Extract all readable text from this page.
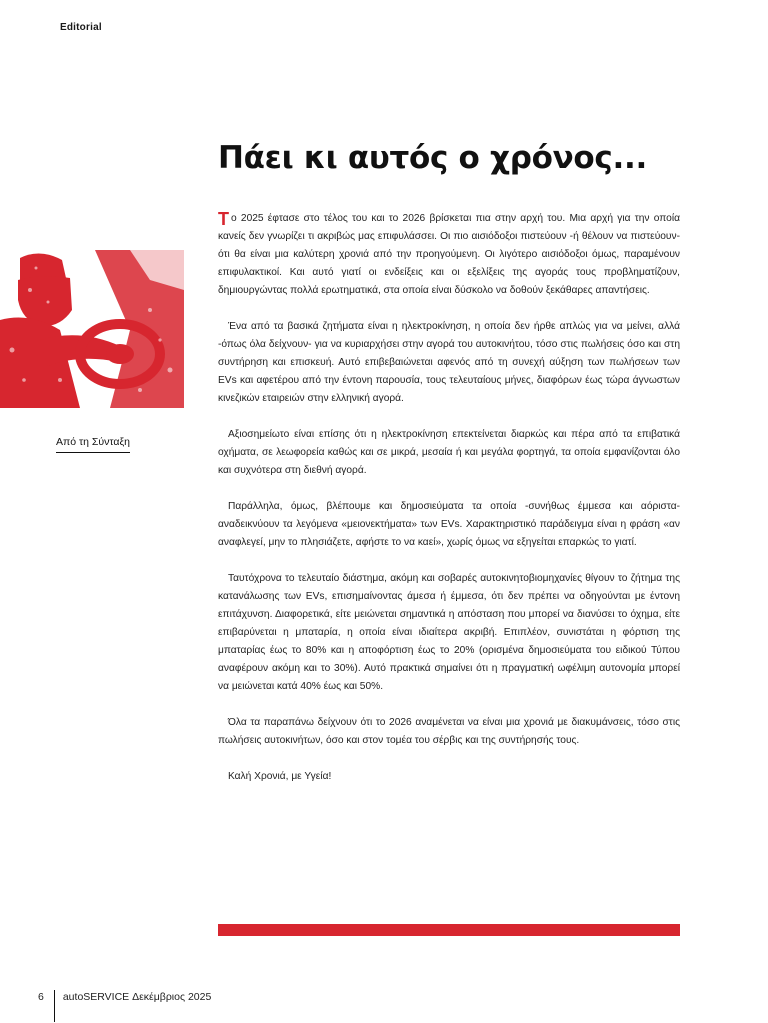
Editorial
Πάει κι αυτός ο χρόνος...
Από τη Σύνταξη

Tο 2025 έφτασε στο τέλος του και το 2026 βρίσκεται πια στην αρχή του. Μια αρχή για την οποία κανείς δεν γνωρίζει τι ακριβώς μας επιφυλάσσει. Οι πιο αισιόδοξοι πιστεύουν -ή θέλουν να πιστεύουν- ότι θα είναι μια καλύτερη χρονιά από την προηγούμενη. Οι λιγότερο αισιόδοξοι όμως, παραμένουν επιφυλακτικοί. Και αυτό γιατί οι ενδείξεις και οι εξελίξεις της αγοράς τους προβληματίζουν, δημιουργώντας πολλά ερωτηματικά, στα οποία είναι δύσκολο να δοθούν ξεκάθαρες απαντήσεις.

Ένα από τα βασικά ζητήματα είναι η ηλεκτροκίνηση, η οποία δεν ήρθε απλώς για να μείνει, αλλά -όπως όλα δείχνουν- για να κυριαρχήσει στην αγορά του αυτοκινήτου, τόσο στις πωλήσεις όσο και στη συντήρηση και επισκευή. Αυτό επιβεβαιώνεται αφενός από τη συνεχή αύξηση των πωλήσεων των EVs και αφετέρου από την έντονη παρουσία, τους τελευταίους μήνες, διαφόρων έως τώρα άγνωστων κινεζικών εταιρειών στην ελληνική αγορά.

Αξιοσημείωτο είναι επίσης ότι η ηλεκτροκίνηση επεκτείνεται διαρκώς και πέρα από τα επιβατικά οχήματα, σε λεωφορεία καθώς και σε μικρά, μεσαία ή και μεγάλα φορτηγά, τα οποία εμφανίζονται όλο και συχνότερα στη διεθνή αγορά.

Παράλληλα, όμως, βλέπουμε και δημοσιεύματα τα οποία -συνήθως έμμεσα και αόριστα- αναδεικνύουν τα λεγόμενα «μειονεκτήματα» των EVs. Χαρακτηριστικό παράδειγμα είναι η φράση «αν αναφλεγεί, μην το πλησιάζετε, αφήστε το να καεί», χωρίς όμως να εξηγείται επαρκώς το γιατί.

Ταυτόχρονα το τελευταίο διάστημα, ακόμη και σοβαρές αυτοκινητοβιομηχανίες θίγουν το ζήτημα της κατανάλωσης των EVs, επισημαίνοντας άμεσα ή έμμεσα, ότι δεν πρέπει να οδηγούνται με έντονη επιτάχυνση. Διαφορετικά, είτε μειώνεται σημαντικά η απόσταση που μπορεί να διανύσει το όχημα, είτε επιβαρύνεται η μπαταρία, η οποία είναι ιδιαίτερα ακριβή. Επιπλέον, συνιστάται η φόρτιση της μπαταρίας έως το 80% και η αποφόρτιση έως το 20% (ορισμένα δημοσιεύματα του ειδικού Τύπου αναφέρουν ακόμη και το 30%). Αυτό πρακτικά σημαίνει ότι η πραγματική ωφέλιμη αυτονομία μπορεί να μειώνεται κατά 40% έως και 50%.

Όλα τα παραπάνω δείχνουν ότι το 2026 αναμένεται να είναι μια χρονιά με διακυμάνσεις, τόσο στις πωλήσεις αυτοκινήτων, όσο και στον τομέα του σέρβις και της συντήρησής τους.

Καλή Χρονιά, με Υγεία!

6 autoSERVICE Δεκέμβριος 2025
